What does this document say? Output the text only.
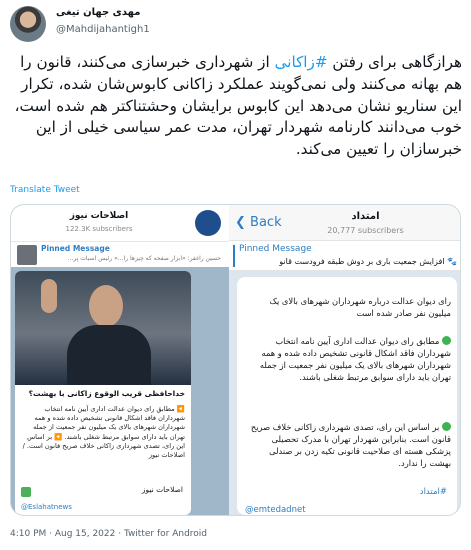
مهدی جهان تیغی
@Mahdijahantigh1
هرازگاهی برای رفتن #زاکانی از شهرداری خبرسازی می‌کنند، قانون را هم بهانه می‌کنند ولی نمی‌گویند عملکرد زاکانی کابوس‌شان شده، تکرار این سناریو نشان می‌دهد این کابوس برایشان وحشتناکتر هم شده است، خوب می‌دانند کارنامه شهردار تهران، مدت عمر سیاسی خیلی از این خبرسازان را تعیین می‌کند.
Translate Tweet
اصلاحات نیوز
122.3K subscribers
Pinned Message
حسین راغفر: «ابزار صفحه که چیزها را...» رئیس اسبات پر...
خداحافظی قریب الوقوع زاکانی با بهشت؟
◀️ مطابق رای دیوان عدالت اداری آیین نامه انتخاب شهرداران فاقد اشکال قانونی تشخیص داده شده و همه شهرداران شهرهای بالای یک میلیون نفر جمعیت از جمله تهران باید دارای سوابق مرتبط شغلی باشند. ◀️ بر اساس این رای، تصدی شهرداری زاکانی خلاف صریح قانون است. /اصلاحات نیوز
اصلاحات نیوز
@Eslahatnews
❮ Back	امتداد
20,777 subscribers
Pinned Message
🐾 افزایش جمعیت باری بر دوش طبقه فرودست قانو
رای دیوان عدالت درباره شهرداران شهرهای بالای یک میلیون نفر صادر شده است
مطابق رای دیوان عدالت اداری آیین نامه انتخاب شهرداران فاقد اشکال قانونی تشخیص داده شده و همه شهرداران شهرهای بالای یک میلیون نفر جمعیت از جمله تهران باید دارای سوابق مرتبط شغلی باشند.
بر اساس این رای، تصدی شهرداری زاکانی خلاف صریح قانون است. بنابراین شهردار تهران با مدرک تحصیلی پزشکی هسته ای صلاحیت قانونی تکیه زدن بر صندلی بهشت را ندارد.
#امتداد
@emtedadnet
4:10 PM · Aug 15, 2022 · Twitter for Android
